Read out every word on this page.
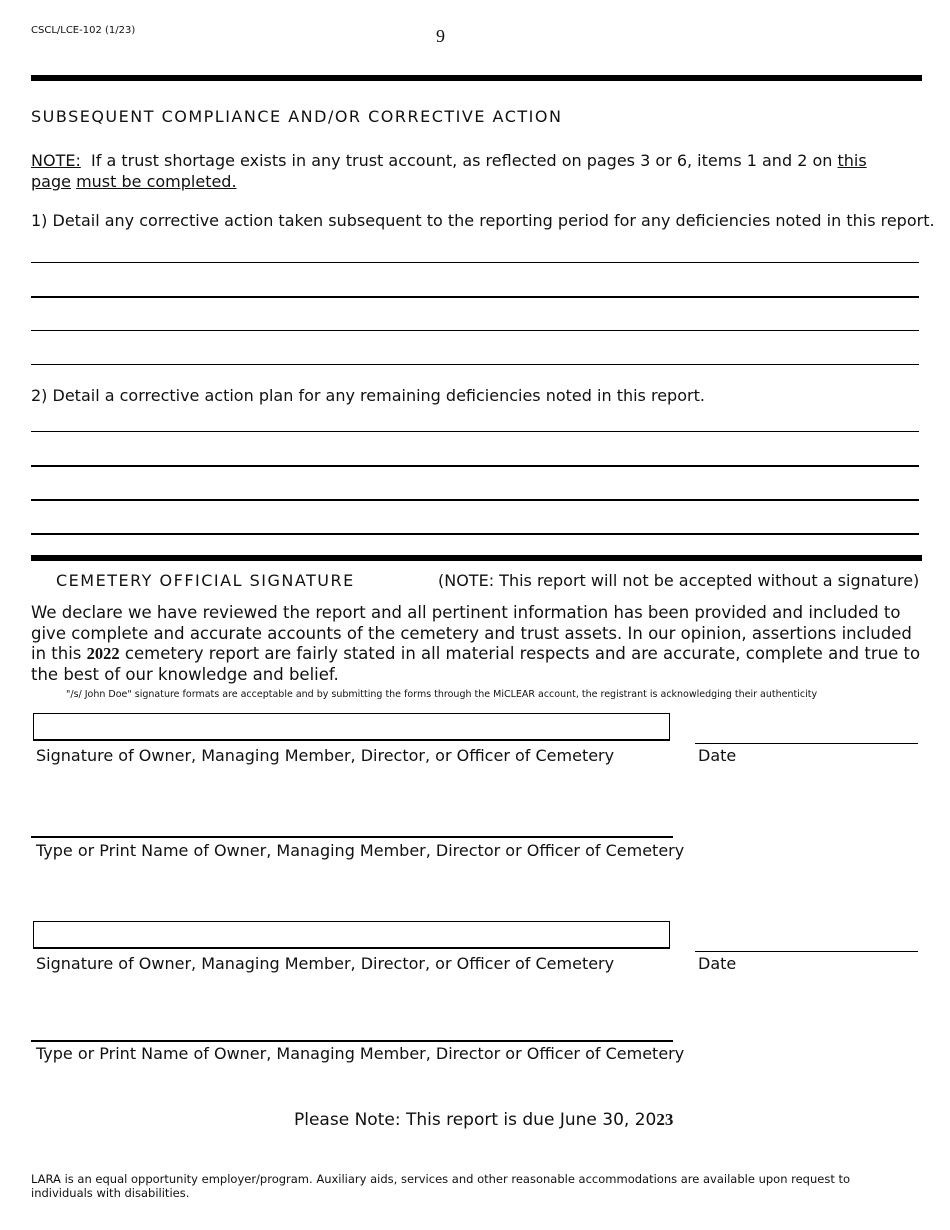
CSCL/LCE-102 (1/23)	9
SUBSEQUENT COMPLIANCE AND/OR CORRECTIVE ACTION
NOTE: If a trust shortage exists in any trust account, as reflected on pages 3 or 6, items 1 and 2 on this page must be completed.
1) Detail any corrective action taken subsequent to the reporting period for any deficiencies noted in this report.
2) Detail a corrective action plan for any remaining deficiencies noted in this report.
CEMETERY OFFICIAL SIGNATURE	(NOTE: This report will not be accepted without a signature)
We declare we have reviewed the report and all pertinent information has been provided and included to give complete and accurate accounts of the cemetery and trust assets. In our opinion, assertions included in this 2022 cemetery report are fairly stated in all material respects and are accurate, complete and true to the best of our knowledge and belief.
"/s/ John Doe" signature formats are acceptable and by submitting the forms through the MiCLEAR account, the registrant is acknowledging their authenticity
Signature of Owner, Managing Member, Director, or Officer of Cemetery	Date
Type or Print Name of Owner, Managing Member, Director or Officer of Cemetery
Signature of Owner, Managing Member, Director, or Officer of Cemetery	Date
Type or Print Name of Owner, Managing Member, Director or Officer of Cemetery
Please Note: This report is due June 30, 2023
LARA is an equal opportunity employer/program. Auxiliary aids, services and other reasonable accommodations are available upon request to individuals with disabilities.
